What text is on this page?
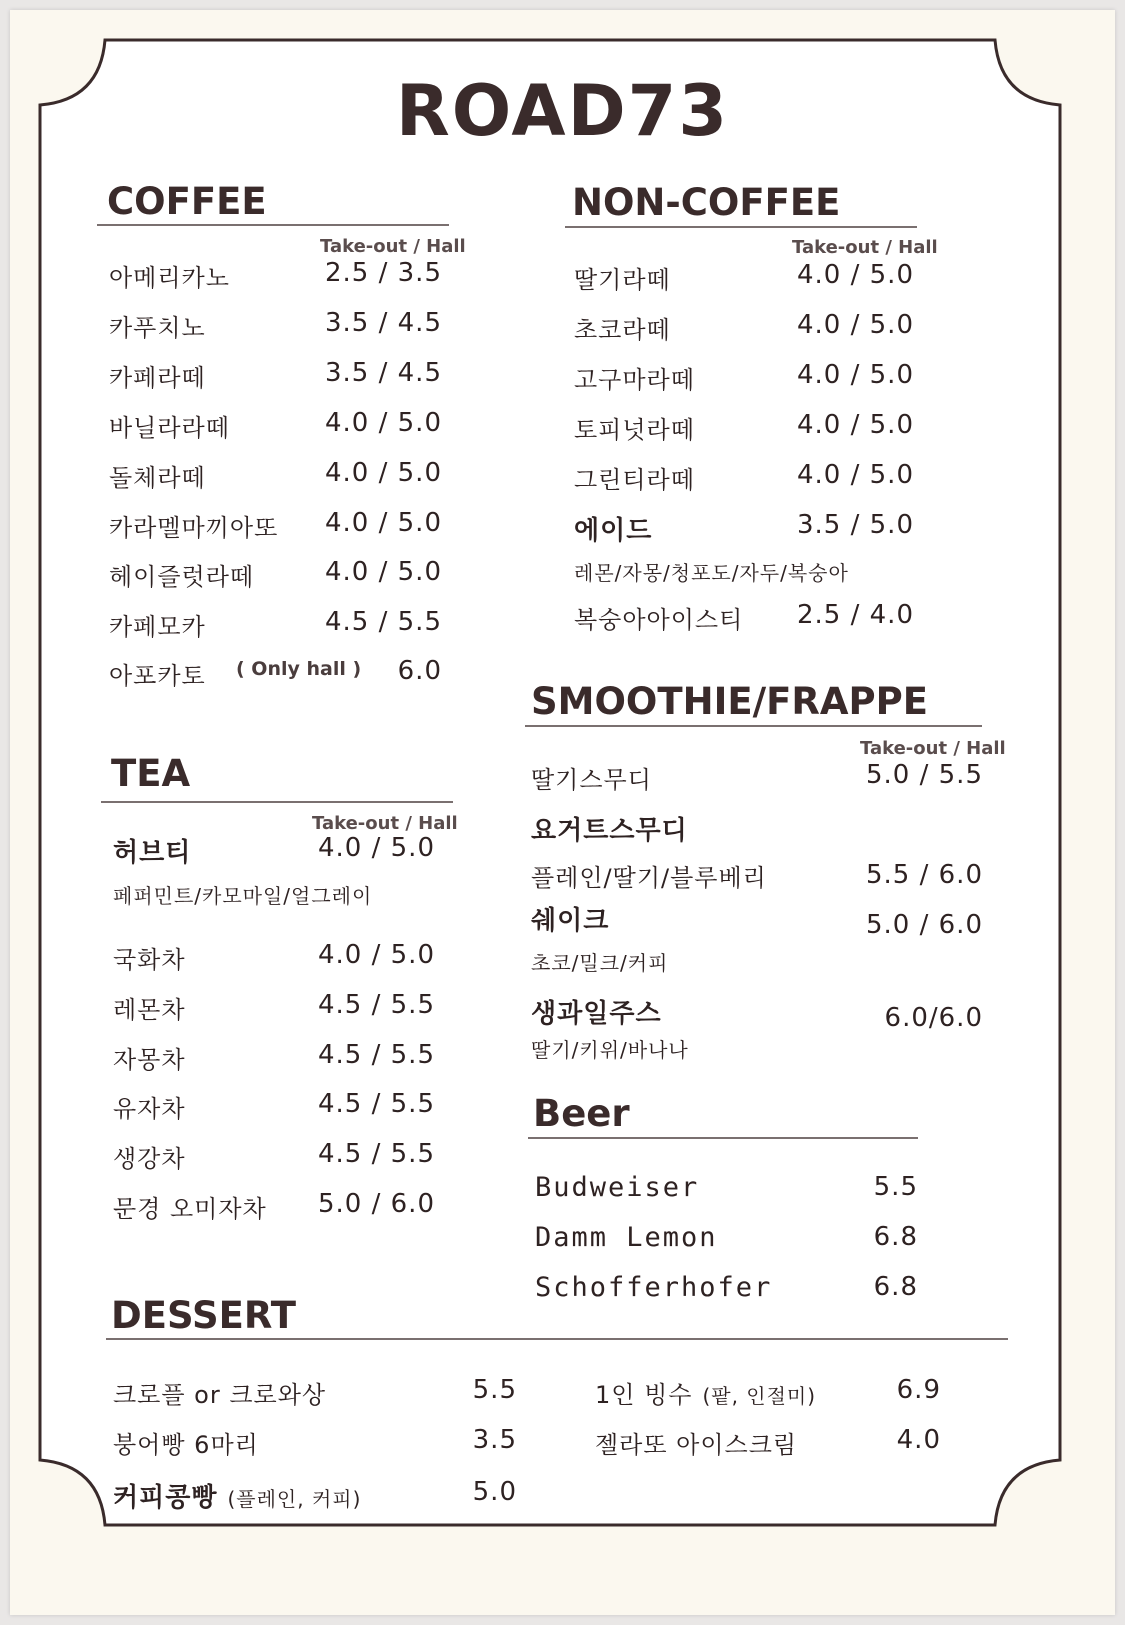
ROAD73
COFFEE
Take-out / Hall
아메리카노	2.5 / 3.5
카푸치노	3.5 / 4.5
카페라떼	3.5 / 4.5
바닐라라떼	4.0 / 5.0
돌체라떼	4.0 / 5.0
카라멜마끼아또 4.0 / 5.0
헤이즐럿라떼	4.0 / 5.0
카페모카	4.5 / 5.5
아포카토 ( Only hall ) 6.0
NON-COFFEE
Take-out / Hall
딸기라떼	4.0 / 5.0
초코라떼	4.0 / 5.0
고구마라떼	4.0 / 5.0
토피넛라떼	4.0 / 5.0
그린티라떼	4.0 / 5.0
에이드	3.5 / 5.0
레몬/자몽/청포도/자두/복숭아
복숭아아이스티 2.5 / 4.0
SMOOTHIE/FRAPPE
Take-out / Hall
딸기스무디	5.0 / 5.5
요거트스무디
플레인/딸기/블루베리	5.5 / 6.0
쉐이크	5.0 / 6.0
초코/밀크/커피
생과일주스	6.0/6.0
딸기/키위/바나나
TEA
Take-out / Hall
허브티	4.0 / 5.0
페퍼민트/카모마일/얼그레이
국화차	4.0 / 5.0
레몬차	4.5 / 5.5
자몽차	4.5 / 5.5
유자차	4.5 / 5.5
생강차	4.5 / 5.5
문경 오미자차 5.0 / 6.0
Beer
Budweiser	5.5
Damm Lemon	6.8
Schofferhofer	6.8
DESSERT
크로플 or 크로와상	5.5
붕어빵 6마리	3.5
커피콩빵 (플레인, 커피)	5.0
1인 빙수 (팥, 인절미)	6.9
젤라또 아이스크림	4.0
